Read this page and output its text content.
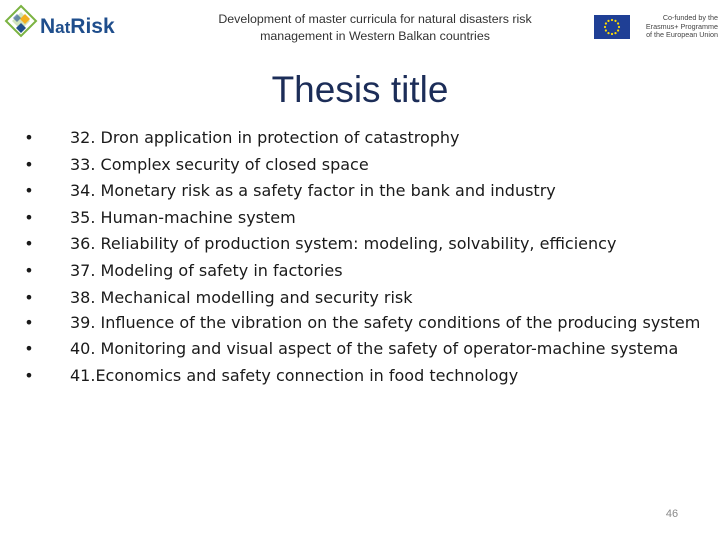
NatRisk	Development of master curricula for natural disasters risk
management in Western Balkan countries
Co-funded by the
Erasmus+ Programme
of the European Union
Thesis title
• 32. Dron application in protection of catastrophy
• 33. Complex security of closed space
• 34. Monetary risk as a safety factor in the bank and industry
• 35. Human-machine system
• 36. Reliability of production system: modeling, solvability, efficiency
• 37. Modeling of safety in factories
• 38. Mechanical modelling and security risk
• 39. Influence of the vibration on the safety conditions of the producing system
• 40. Monitoring and visual aspect of the safety of operator-machine systema
• 41.Economics and safety connection in food technology
46
